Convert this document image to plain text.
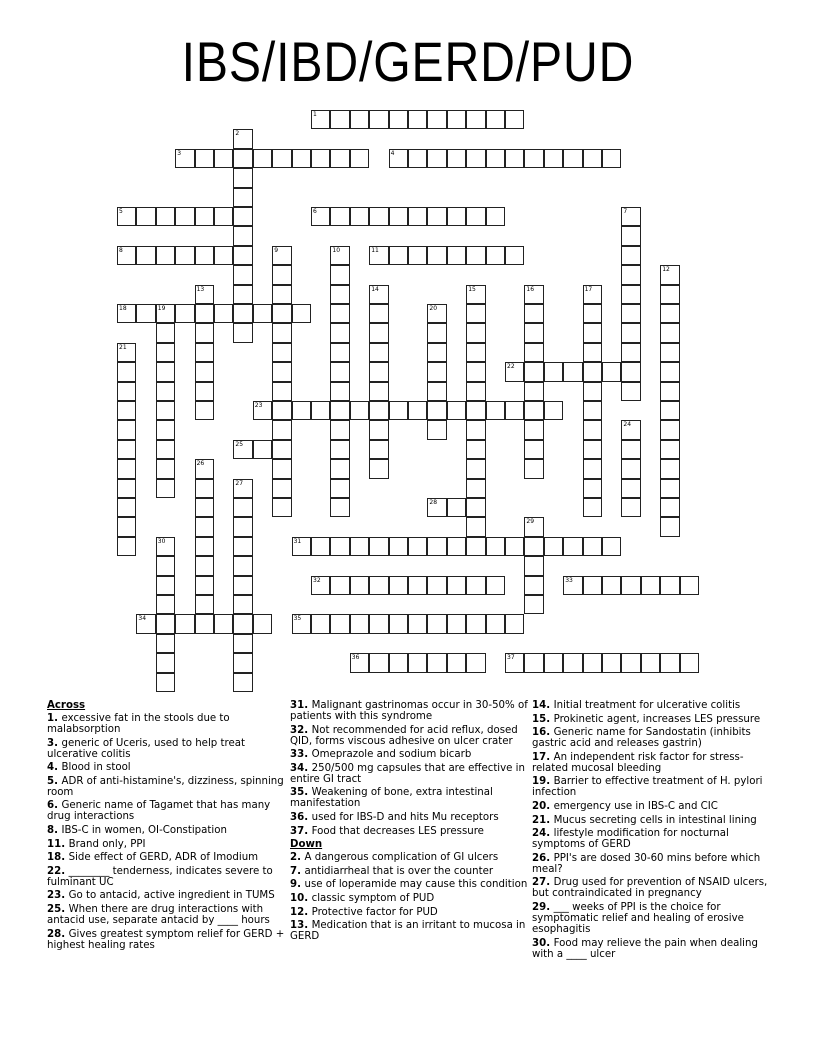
IBS/IBD/GERD/PUD
1
3	4
5	6
8	11
18	19
22
23
25
28
31
32	33
34	35
36	37
2
7
9	10
12
13	14	15	16	17
20
21
24
26
27
29
30
Across
1. excessive fat in the stools due to malabsorption
3. generic of Uceris, used to help treat ulcerative colitis
4. Blood in stool
5. ADR of anti-histamine's, dizziness, spinning room
6. Generic name of Tagamet that has many drug interactions
8. IBS-C in women, OI-Constipation
11. Brand only, PPI
18. Side effect of GERD, ADR of Imodium
22. ________ tenderness, indicates severe to fulminant UC
23. Go to antacid, active ingredient in TUMS
25. When there are drug interactions with antacid use, separate antacid by ____ hours
28. Gives greatest symptom relief for GERD + highest healing rates
31. Malignant gastrinomas occur in 30-50% of patients with this syndrome
32. Not recommended for acid reflux, dosed QID, forms viscous adhesive on ulcer crater
33. Omeprazole and sodium bicarb
34. 250/500 mg capsules that are effective in entire GI tract
35. Weakening of bone, extra intestinal manifestation
36. used for IBS-D and hits Mu receptors
37. Food that decreases LES pressure
Down
2. A dangerous complication of GI ulcers
7. antidiarrheal that is over the counter
9. use of loperamide may cause this condition
10. classic symptom of PUD
12. Protective factor for PUD
13. Medication that is an irritant to mucosa in GERD
14. Initial treatment for ulcerative colitis
15. Prokinetic agent, increases LES pressure
16. Generic name for Sandostatin (inhibits gastric acid and releases gastrin)
17. An independent risk factor for stress-related mucosal bleeding
19. Barrier to effective treatment of H. pylori infection
20. emergency use in IBS-C and CIC
21. Mucus secreting cells in intestinal lining
24. lifestyle modification for nocturnal symptoms of GERD
26. PPI's are dosed 30-60 mins before which meal?
27. Drug used for prevention of NSAID ulcers, but contraindicated in pregnancy
29. ___ weeks of PPI is the choice for symptomatic relief and healing of erosive esophagitis
30. Food may relieve the pain when dealing with a ____ ulcer
